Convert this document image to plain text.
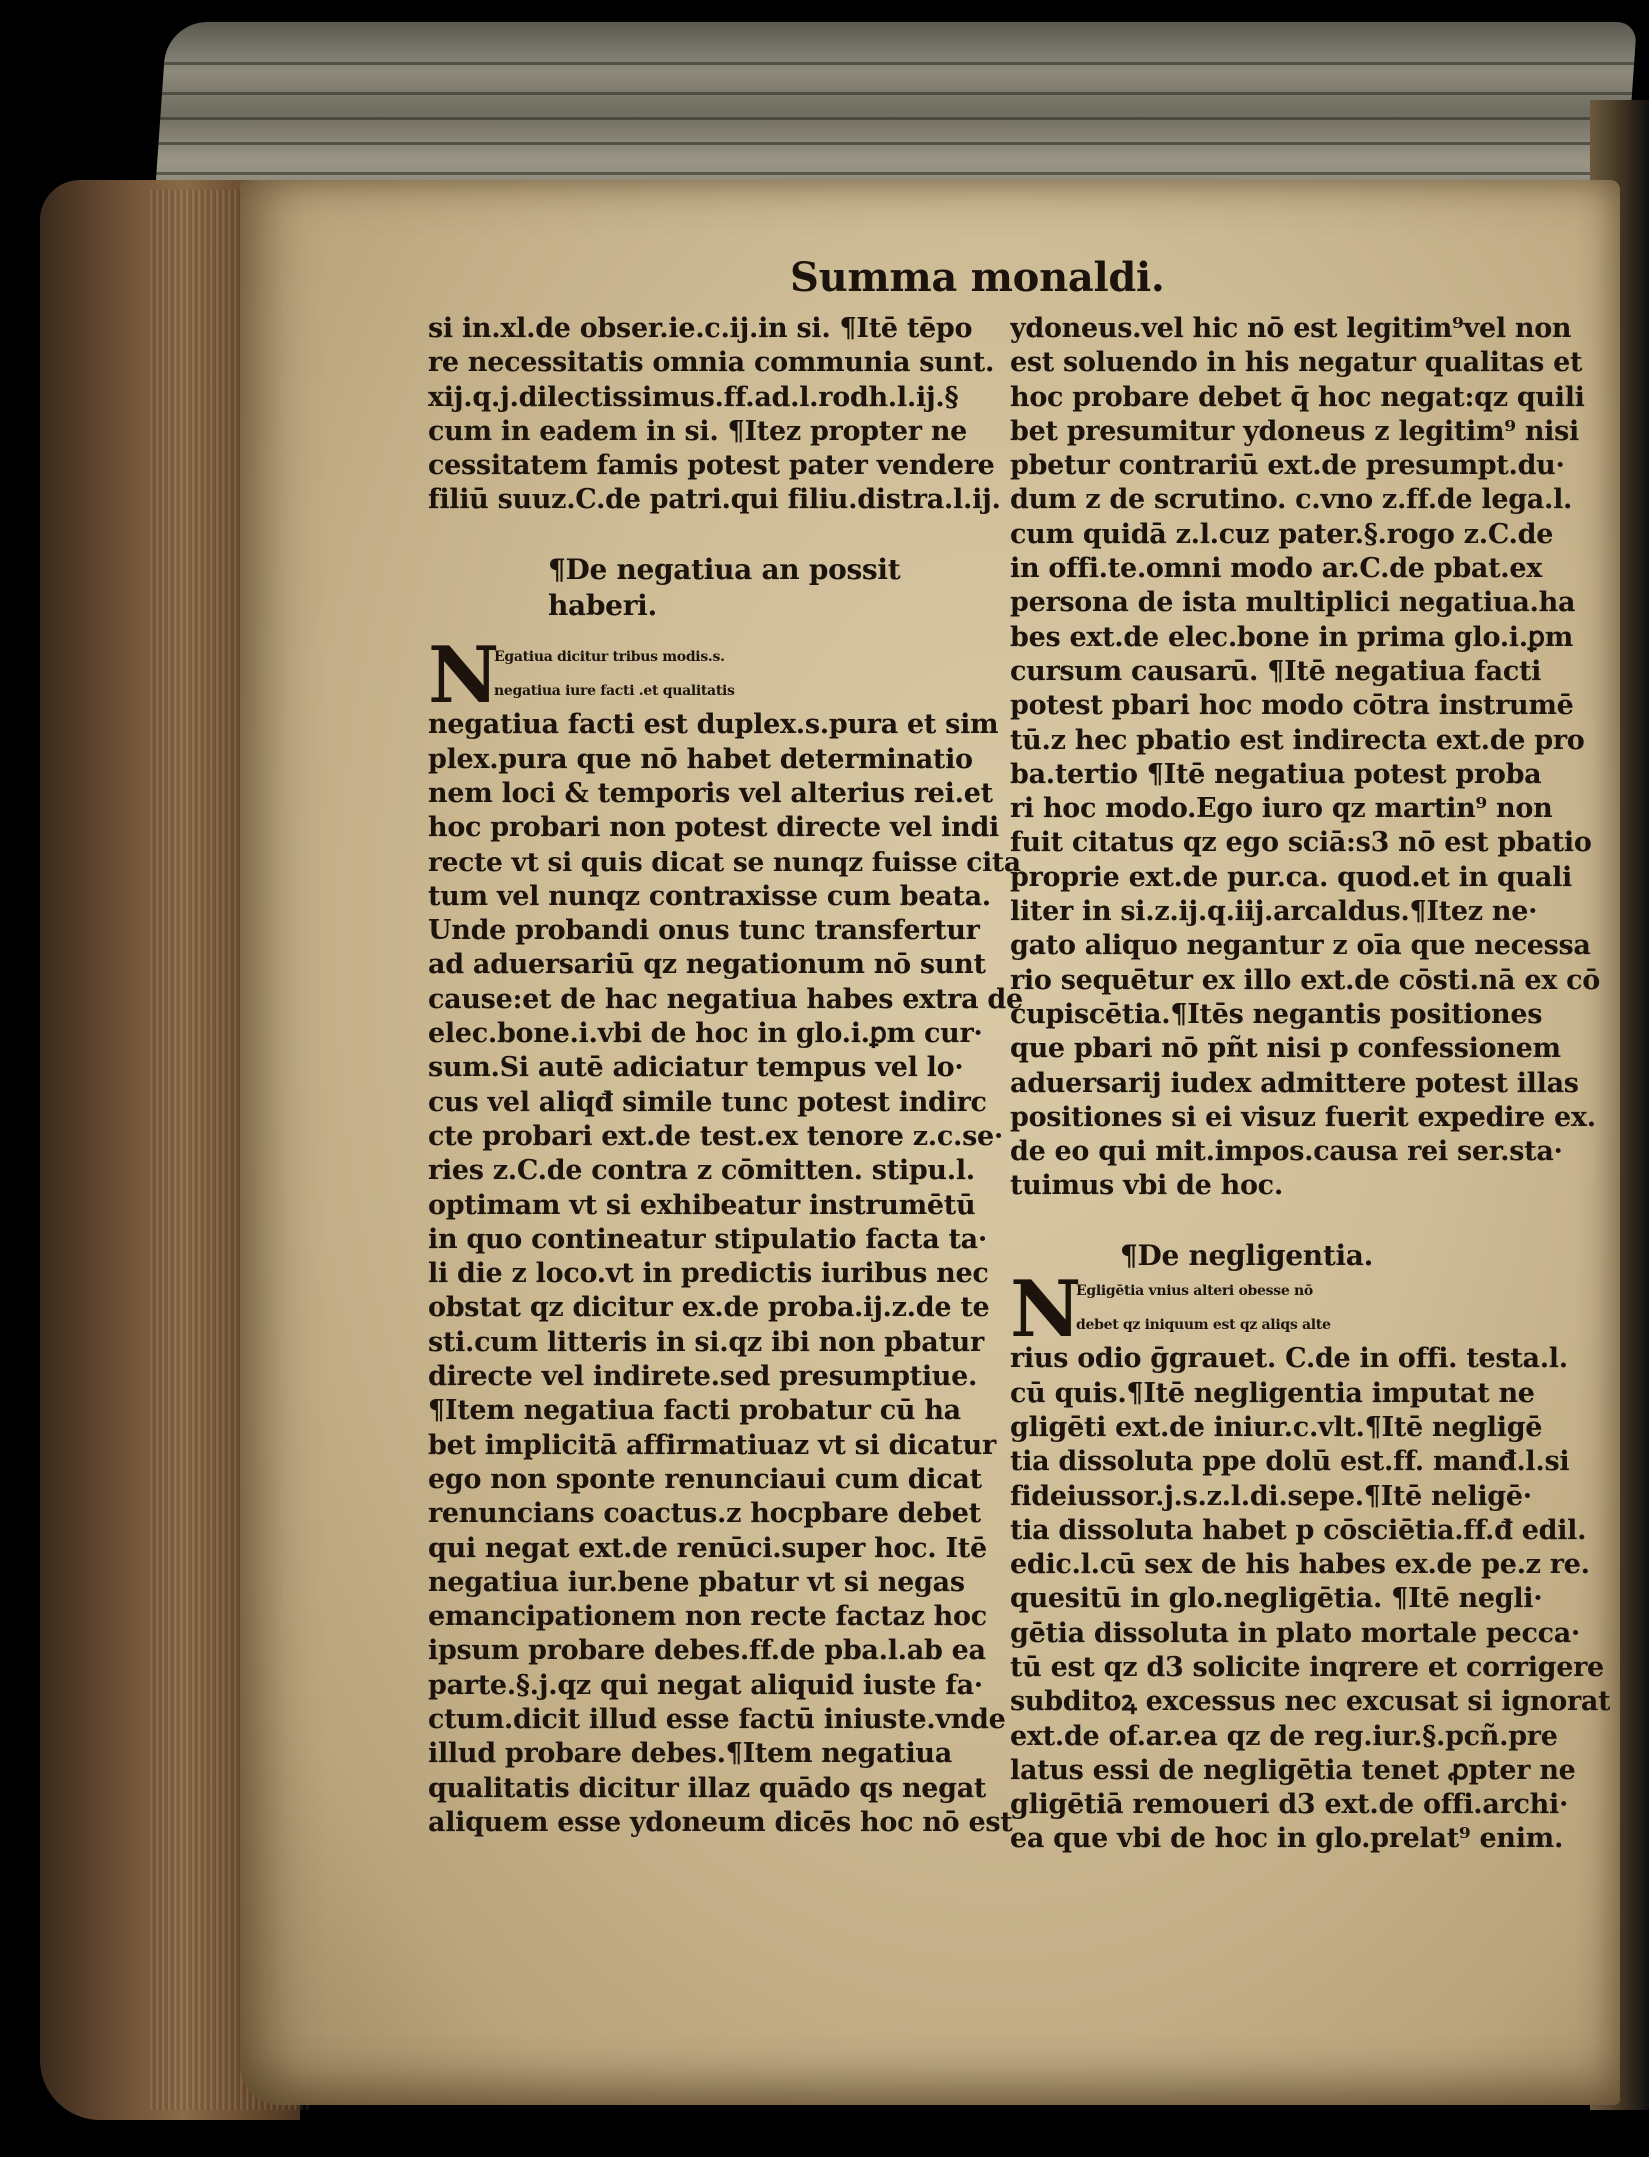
Summa monaldi.
si in.xl.de obser.ie.c.ij.in si. ¶Itē tēpo
re necessitatis omnia communia sunt.
xij.q.j.dilectissimus.ff.ad.l.rodh.l.ij.§
cum in eadem in si. ¶Itez propter ne
cessitatem famis potest pater vendere
filiū suuz.C.de patri.qui filiu.distra.l.ij.
¶De negatiua an possit
haberi.
N
Egatiua dicitur tribus modis.s.
negatiua iure facti .et qualitatis
negatiua facti est duplex.s.pura et sim
plex.pura que nō habet determinatio
nem loci & temporis vel alterius rei.et
hoc probari non potest directe vel indi
recte vt si quis dicat se nunqz fuisse cita
tum vel nunqz contraxisse cum beata.
Unde probandi onus tunc transfertur
ad aduersariū qz negationum nō sunt
cause:et de hac negatiua habes extra de
elec.bone.i.vbi de hoc in glo.i.ꝑm cur·
sum.Si autē adiciatur tempus vel lo·
cus vel aliqđ simile tunc potest indirc
cte probari ext.de test.ex tenore z.c.se·
ries z.C.de contra z cōmitten. stipu.l.
optimam vt si exhibeatur instrumētū
in quo contineatur stipulatio facta ta·
li die z loco.vt in predictis iuribus nec
obstat qz dicitur ex.de proba.ij.z.de te
sti.cum litteris in si.qz ibi non pbatur
directe vel indirete.sed presumptiue.
¶Item negatiua facti probatur cū ha
bet implicitā affirmatiuaz vt si dicatur
ego non sponte renunciaui cum dicat
renuncians coactus.z hocpbare debet
qui negat ext.de renūci.super hoc. Itē
negatiua iur.bene pbatur vt si negas
emancipationem non recte factaz hoc
ipsum probare debes.ff.de pba.l.ab ea
parte.§.j.qz qui negat aliquid iuste fa·
ctum.dicit illud esse factū iniuste.vnde
illud probare debes.¶Item negatiua
qualitatis dicitur illaz quādo qs negat
aliquem esse ydoneum dicēs hoc nō est
ydoneus.vel hic nō est legitim⁹vel non
est soluendo in his negatur qualitas et
hoc probare debet q̄ hoc negat:qz quili
bet presumitur ydoneus z legitim⁹ nisi
pbetur contrariū ext.de presumpt.du·
dum z de scrutino. c.vno z.ff.de lega.l.
cum quidā z.l.cuz pater.§.rogo z.C.de
in offi.te.omni modo ar.C.de pbat.ex
persona de ista multiplici negatiua.ha
bes ext.de elec.bone in prima glo.i.ꝑm
cursum causarū. ¶Itē negatiua facti
potest pbari hoc modo cōtra instrumē
tū.z hec pbatio est indirecta ext.de pro
ba.tertio ¶Itē negatiua potest proba
ri hoc modo.Ego iuro qz martin⁹ non
fuit citatus qz ego sciā:s3 nō est pbatio
proprie ext.de pur.ca. quod.et in quali
liter in si.z.ij.q.iij.arcaldus.¶Itez ne·
gato aliquo negantur z oīa que necessa
rio sequētur ex illo ext.de cōsti.nā ex cō
cupiscētia.¶Itēs negantis positiones
que pbari nō pñt nisi p confessionem
aduersarij iudex admittere potest illas
positiones si ei visuz fuerit expedire ex.
de eo qui mit.impos.causa rei ser.sta·
tuimus vbi de hoc.
¶De negligentia.
N
Egligētia vnius alteri obesse nō
debet qz iniquum est qz aliqs alte
rius odio ḡgrauet. C.de in offi. testa.l.
cū quis.¶Itē negligentia imputat ne
gligēti ext.de iniur.c.vlt.¶Itē negligē
tia dissoluta ppe dolū est.ff. manđ.l.si
fideiussor.j.s.z.l.di.sepe.¶Itē neligē·
tia dissoluta habet p cōsciētia.ff.đ edil.
edic.l.cū sex de his habes ex.de pe.z re.
quesitū in glo.negligētia. ¶Itē negli·
gētia dissoluta in plato mortale pecca·
tū est qz d3 solicite inqrere et corrigere
subditoꝝ excessus nec excusat si ignorat
ext.de of.ar.ea qz de reg.iur.§.pcñ.pre
latus essi de negligētia tenet ꝓpter ne
gligētiā remoueri d3 ext.de offi.archi·
ea que vbi de hoc in glo.prelat⁹ enim.
